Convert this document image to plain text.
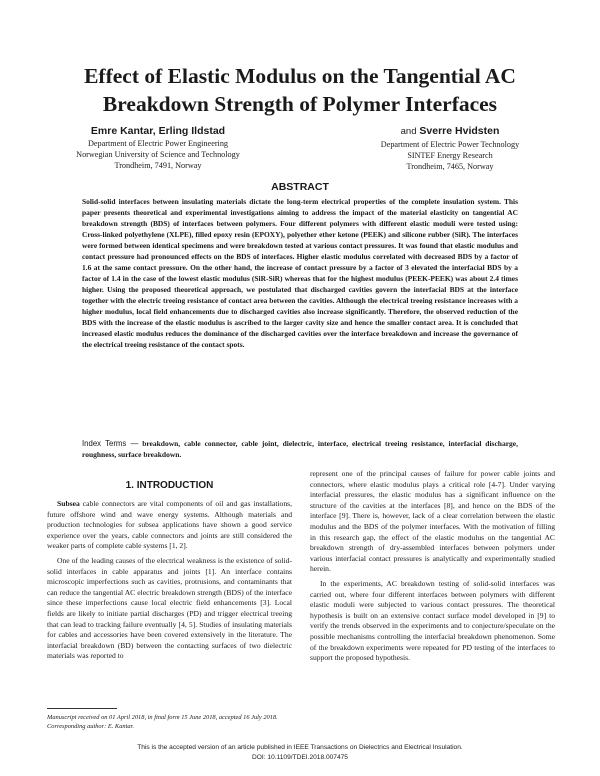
Effect of Elastic Modulus on the Tangential AC Breakdown Strength of Polymer Interfaces
Emre Kantar, Erling Ildstad
Department of Electric Power Engineering
Norwegian University of Science and Technology
Trondheim, 7491, Norway
and Sverre Hvidsten
Department of Electric Power Technology
SINTEF Energy Research
Trondheim, 7465, Norway
ABSTRACT
Solid-solid interfaces between insulating materials dictate the long-term electrical properties of the complete insulation system. This paper presents theoretical and experimental investigations aiming to address the impact of the material elasticity on tangential AC breakdown strength (BDS) of interfaces between polymers. Four different polymers with different elastic moduli were tested using: Cross-linked polyethylene (XLPE), filled epoxy resin (EPOXY), polyether ether ketone (PEEK) and silicone rubber (SiR). The interfaces were formed between identical specimens and were breakdown tested at various contact pressures. It was found that elastic modulus and contact pressure had pronounced effects on the BDS of interfaces. Higher elastic modulus correlated with decreased BDS by a factor of 1.6 at the same contact pressure. On the other hand, the increase of contact pressure by a factor of 3 elevated the interfacial BDS by a factor of 1.4 in the case of the lowest elastic modulus (SiR-SiR) whereas that for the highest modulus (PEEK-PEEK) was about 2.4 times higher. Using the proposed theoretical approach, we postulated that discharged cavities govern the interfacial BDS at the interface together with the electric treeing resistance of contact area between the cavities. Although the electrical treeing resistance increases with a higher modulus, local field enhancements due to discharged cavities also increase significantly. Therefore, the observed reduction of the BDS with the increase of the elastic modulus is ascribed to the larger cavity size and hence the smaller contact area. It is concluded that increased elastic modulus reduces the dominance of the discharged cavities over the interface breakdown and increase the governance of the electrical treeing resistance of the contact spots.
Index Terms — breakdown, cable connector, cable joint, dielectric, interface, electrical treeing resistance, interfacial discharge, roughness, surface breakdown.
1. INTRODUCTION

Subsea cable connectors are vital components of oil and gas installations, future offshore wind and wave energy systems. Although materials and production technologies for subsea applications have shown a good service experience over the years, cable connectors and joints are still considered the weaker parts of complete cable systems [1, 2].

One of the leading causes of the electrical weakness is the existence of solid-solid interfaces in cable apparatus and joints [1]. An interface contains microscopic imperfections such as cavities, protrusions, and contaminants that can reduce the tangential AC electric breakdown strength (BDS) of the interface since these imperfections cause local electric field enhancements [3]. Local fields are likely to initiate partial discharges (PD) and trigger electrical treeing that can lead to tracking failure eventually [4, 5]. Studies of insulating materials for cables and accessories have been covered extensively in the literature. The interfacial breakdown (BD) between the contacting surfaces of two dielectric materials was reported to

represent one of the principal causes of failure for power cable joints and connectors, where elastic modulus plays a critical role [4-7]. Under varying interfacial pressures, the elastic modulus has a significant influence on the structure of the cavities at the interfaces [8], and hence on the BDS of the interface [9]. There is, however, lack of a clear correlation between the elastic modulus and the BDS of the polymer interfaces. With the motivation of filling in this research gap, the effect of the elastic modulus on the tangential AC breakdown strength of dry-assembled interfaces between polymers under various interfacial contact pressures is analytically and experimentally studied herein.

In the experiments, AC breakdown testing of solid-solid interfaces was carried out, where four different interfaces between polymers with different elastic moduli were subjected to various contact pressures. The theoretical hypothesis is built on an extensive contact surface model developed in [9] to verify the trends observed in the experiments and to conjecture/speculate on the possible mechanisms controlling the interfacial breakdown phenomenon. Some of the breakdown experiments were repeated for PD testing of the interfaces to support the proposed hypothesis.

Manuscript received on 01 April 2018, in final form 15 June 2018, accepted 16 July 2018. Corresponding author: E. Kantar.
This is the accepted version of an article published in IEEE Transactions on Dielectrics and Electrical Insulation.
DOI: 10.1109/TDEI.2018.007475
